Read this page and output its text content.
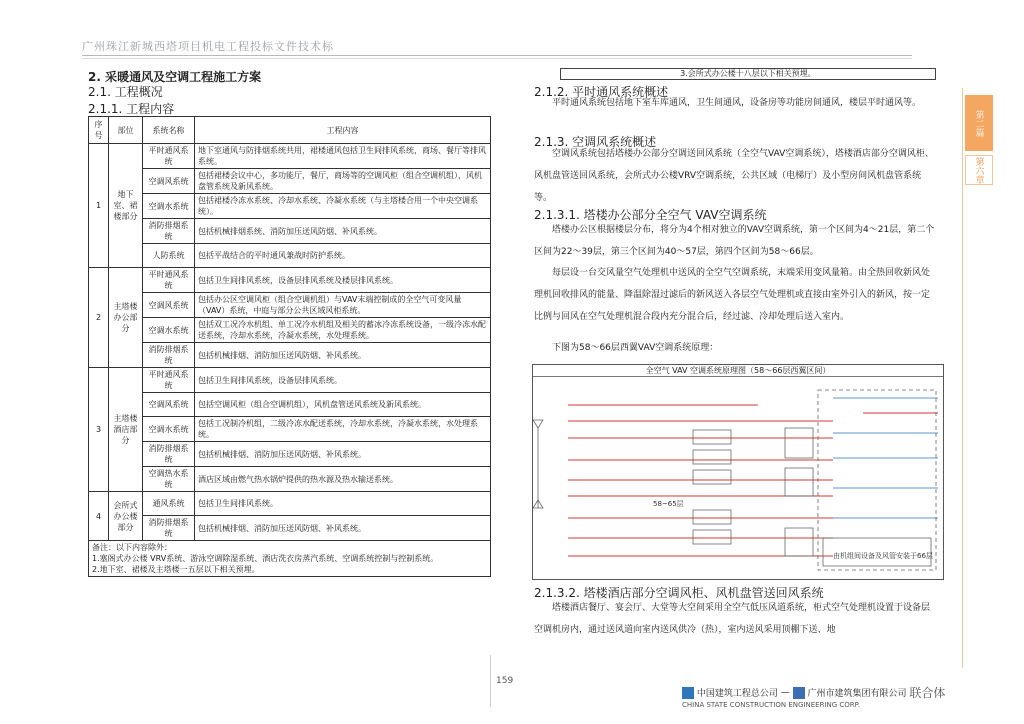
广州珠江新城西塔项目机电工程投标文件技术标
第二篇
第六章
2. 采暖通风及空调工程施工方案
2.1. 工程概况
2.1.1. 工程内容
序号	部位	系统名称	工程内容
1	地下室、裙楼部分	平时通风系统	地下室通风与防排烟系统共用，裙楼通风包括卫生间排风系统，商场、餐厅等排风系统。
		空调风系统	包括裙楼会议中心，多功能厅，餐厅，商场等的空调风柜（组合空调机组），风机盘管系统及新风系统。
		空调水系统	包括裙楼冷冻水系统、冷却水系统、冷凝水系统（与主塔楼合用一个中央空调系统）。
		消防排烟系统	包括机械排烟系统、消防加压送风防烟、补风系统。
		人防系统	包括平战结合的平时通风兼战时防护系统。
2	主塔楼办公部分	平时通风系统	包括卫生间排风系统，设备层排风系统及楼层排风系统。
		空调风系统	包括办公区空调风柜（组合空调机组）与VAV末端控制成的全空气可变风量（VAV）系统，中庭与部分公共区域风柜系统。
		空调水系统	包括双工况冷水机组、单工况冷水机组及相关的蓄冰冷冻系统设备，一级冷冻水配送系统，冷却水系统，冷凝水系统，水处理系统。
		消防排烟系统	包括机械排烟、消防加压送风防烟、补风系统。
3	主塔楼酒店部分	平时通风系统	包括卫生间排风系统，设备层排风系统。
		空调风系统	包括空调风柜（组合空调机组），风机盘管送风系统及新风系统。
		空调水系统	包括工况制冷机组，二级冷冻水配送系统，冷却水系统，冷凝水系统，水处理系统。
		消防排烟系统	包括机械排烟、消防加压送风防烟、补风系统。
		空调热水系统	酒店区域由燃气热水锅炉提供的热水源及热水输送系统。
4	会所式办公楼部分	通风系统	包括卫生间排风系统。
		消防排烟系统	包括机械排烟、消防加压送风防烟、补风系统。

备注：以下内容除外：
1.塞阁式办公楼 VRV系统、游泳空调除湿系统、酒店洗衣房蒸汽系统、空调系统控制与控制系统。
2.地下室、裙楼及主塔楼一五层以下相关预埋。			
3.会所式办公楼十八层以下相关预埋。
2.1.2. 平时通风系统概述
平时通风系统包括地下室车库通风，卫生间通风，设备房等功能房间通风，楼层平时通风等。
2.1.3. 空调风系统概述
空调风系统包括塔楼办公部分空调送回风系统（全空气VAV空调系统），塔楼酒店部分空调风柜、风机盘管送回风系统，会所式办公楼VRV空调系统，公共区域（电梯厅）及小型房间风机盘管系统等。
2.1.3.1. 塔楼办公部分全空气 VAV空调系统
塔楼办公区根据楼层分布，将分为4个相对独立的VAV空调系统，第一个区间为4～21层，第二个区间为22～39层，第三个区间为40～57层，第四个区间为58～66层。
每层设一台交风量空气处理机中送风的全空气空调系统，末端采用变风量箱。由全热回收新风处理机回收排风的能量、降温除湿过滤后的新风送入各层空气处理机或直接由室外引入的新风，按一定比例与回风在空气处理机混合段内充分混合后，经过滤、冷却处理后送入室内。
下图为58～66层西翼VAV空调系统原理：
全空气 VAV 空调系统原理图（58～66层西翼区间）
由机组间设备及风管安装于66层
58~65层
2.1.3.2. 塔楼酒店部分空调风柜、风机盘管送回风系统
塔楼酒店餐厅、宴会厅、大堂等大空间采用全空气低压风道系统，柜式空气处理机设置于设备层空调机房内，通过送风道向室内送风供冷（热），室内送风采用顶棚下送、地
159
中国建筑工程总公司 —  广州市建筑集团有限公司 联合体
CHINA STATE CONSTRUCTION ENGINEERING CORP.
